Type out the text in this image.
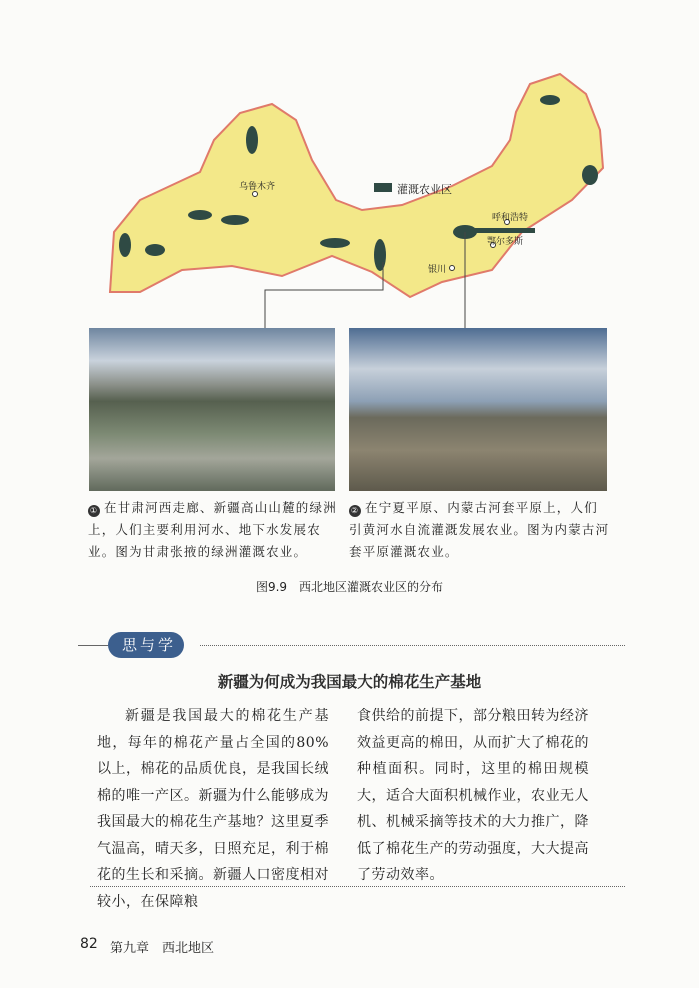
灌溉农业区
乌鲁木齐
呼和浩特
鄂尔多斯
银川
① 在甘肃河西走廊、新疆高山山麓的绿洲上，人们主要利用河水、地下水发展农业。图为甘肃张掖的绿洲灌溉农业。
② 在宁夏平原、内蒙古河套平原上，人们引黄河水自流灌溉发展农业。图为内蒙古河套平原灌溉农业。
图9.9　西北地区灌溉农业区的分布
思与学
新疆为何成为我国最大的棉花生产基地
新疆是我国最大的棉花生产基地，每年的棉花产量占全国的80%以上，棉花的品质优良，是我国长绒棉的唯一产区。新疆为什么能够成为我国最大的棉花生产基地？这里夏季气温高，晴天多，日照充足，利于棉花的生长和采摘。新疆人口密度相对较小，在保障粮
食供给的前提下，部分粮田转为经济效益更高的棉田，从而扩大了棉花的种植面积。同时，这里的棉田规模大，适合大面积机械作业，农业无人机、机械采摘等技术的大力推广，降低了棉花生产的劳动强度，大大提高了劳动效率。
82 第九章　西北地区
